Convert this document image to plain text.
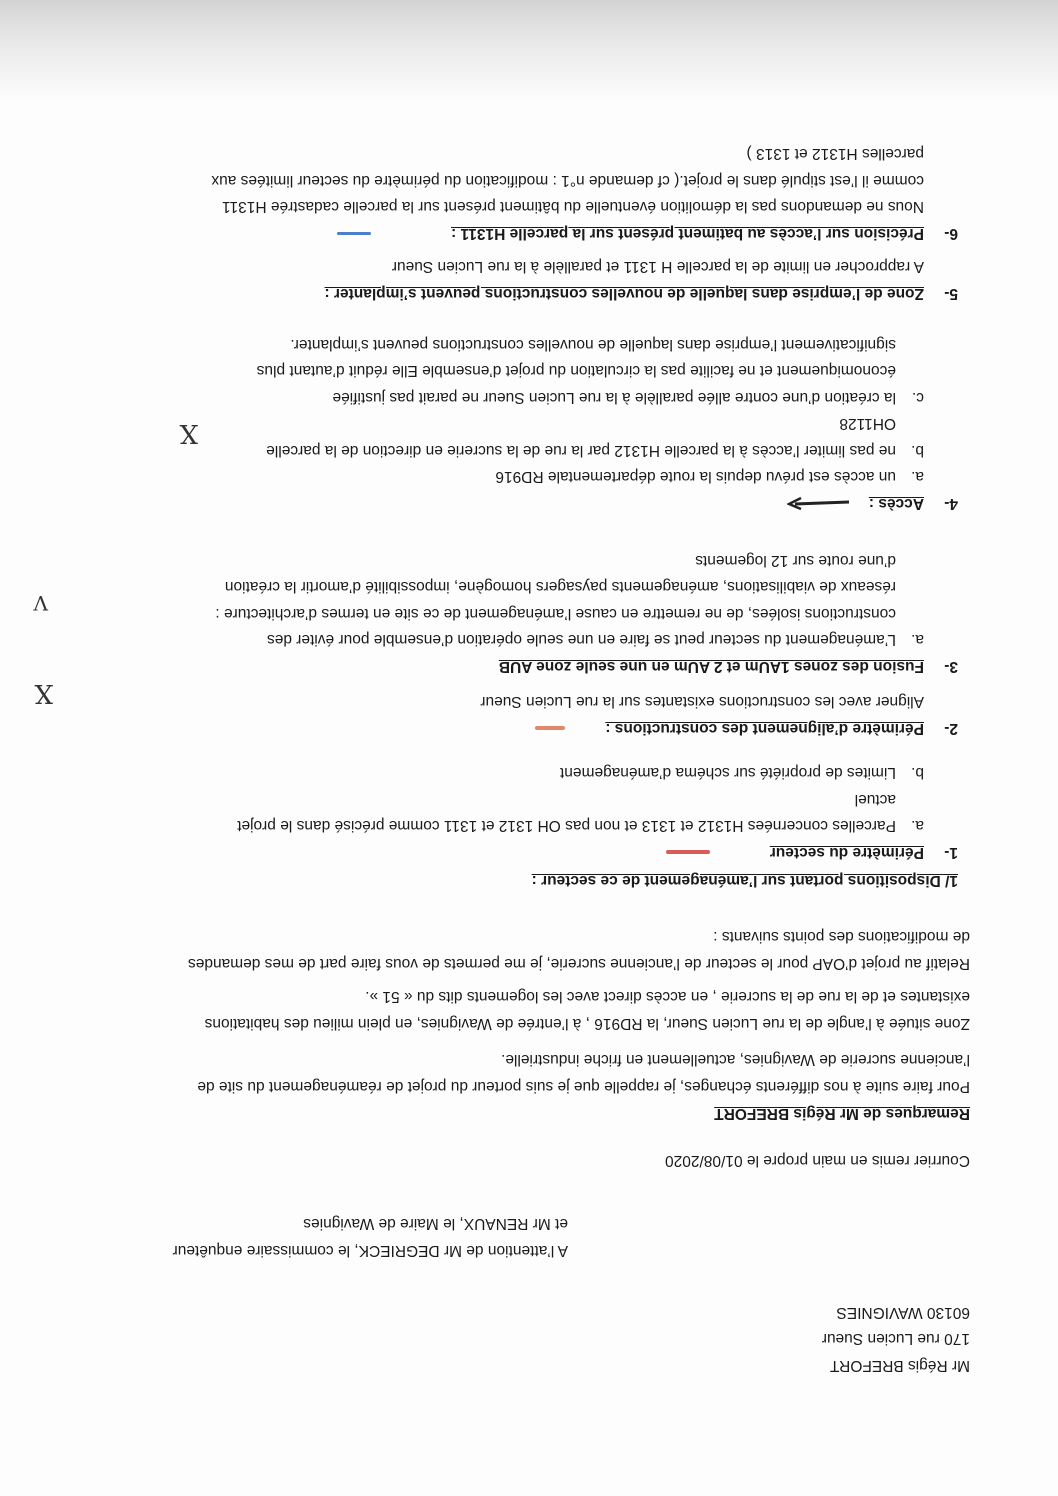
Mr Régis BREFORT
170 rue Lucien Sueur
60130 WAVIGNIES
A l’attention de Mr DEGRIECK, le commissaire enquêteur
et Mr RENAUX, le Maire de Wavignies
Courrier remis en main propre le 01/08/2020
Remarques de Mr Régis BREFORT
Pour faire suite à nos différents échanges, je rappelle que je suis porteur du projet de réaménagement du site de
l’ancienne sucrerie de Wavignies, actuellement en friche industrielle.
Zone située à l’angle de la rue Lucien Sueur, la RD916 , à l’entrée de Wavignies, en plein milieu des habitations
existantes et de la rue de la sucrerie , en accès direct avec les logements dits du « 51 ».
Relatif au projet d’OAP pour le secteur de l’ancienne sucrerie, je me permets de vous faire part de mes demandes
de modifications des points suivants :
1/ Dispositions portant sur l’aménagement de ce secteur :
1-Périmètre du secteur
a.Parcelles concernées H1312 et 1313 et non pas OH 1312 et 1311 comme précisé dans le projet
actuel
b.Limites de propriété sur schéma d’aménagement
2-Périmètre d’alignement des constructions :
Aligner avec les constructions existantes sur la rue Lucien Sueur
3-Fusion des zones 1AUm et 2 AUm en une seule zone AUB
a.L’aménagement du secteur peut se faire en une seule opération d’ensemble pour éviter des
constructions isolées, de ne remettre en cause l’aménagement de ce site en termes d’architecture :
réseaux de viabilisations, aménagements paysagers homogène, impossibilité d’amortir la création
d’une route sur 12 logements
4-Accès :
a.un accès est prévu depuis la route départementale RD916
b.ne pas limiter l’accès à la parcelle H1312 par la rue de la sucrerie en direction de la parcelle
OH1128
c.la création d’une contre allée parallèle à la rue Lucien Sueur ne parait pas justifiée
économiquement et ne facilite pas la circulation du projet d’ensemble Elle réduit d’autant plus
significativement l’emprise dans laquelle de nouvelles constructions peuvent s’implanter.
5-Zone de l’emprise dans laquelle de nouvelles constructions peuvent s’implanter :
A rapprocher en limite de la parcelle H 1311 et parallèle à la rue Lucien Sueur
6-Précision sur l’accès au batiment présent sur la parcelle H1311 :
Nous ne demandons pas la démolition éventuelle du bâtiment présent sur la parcelle cadastrée H1311
comme il l’est stipulé dans le projet.( cf demande n°1 : modification du périmètre du secteur limitées aux
parcelles H1312 et 1313 )
X
V
X
